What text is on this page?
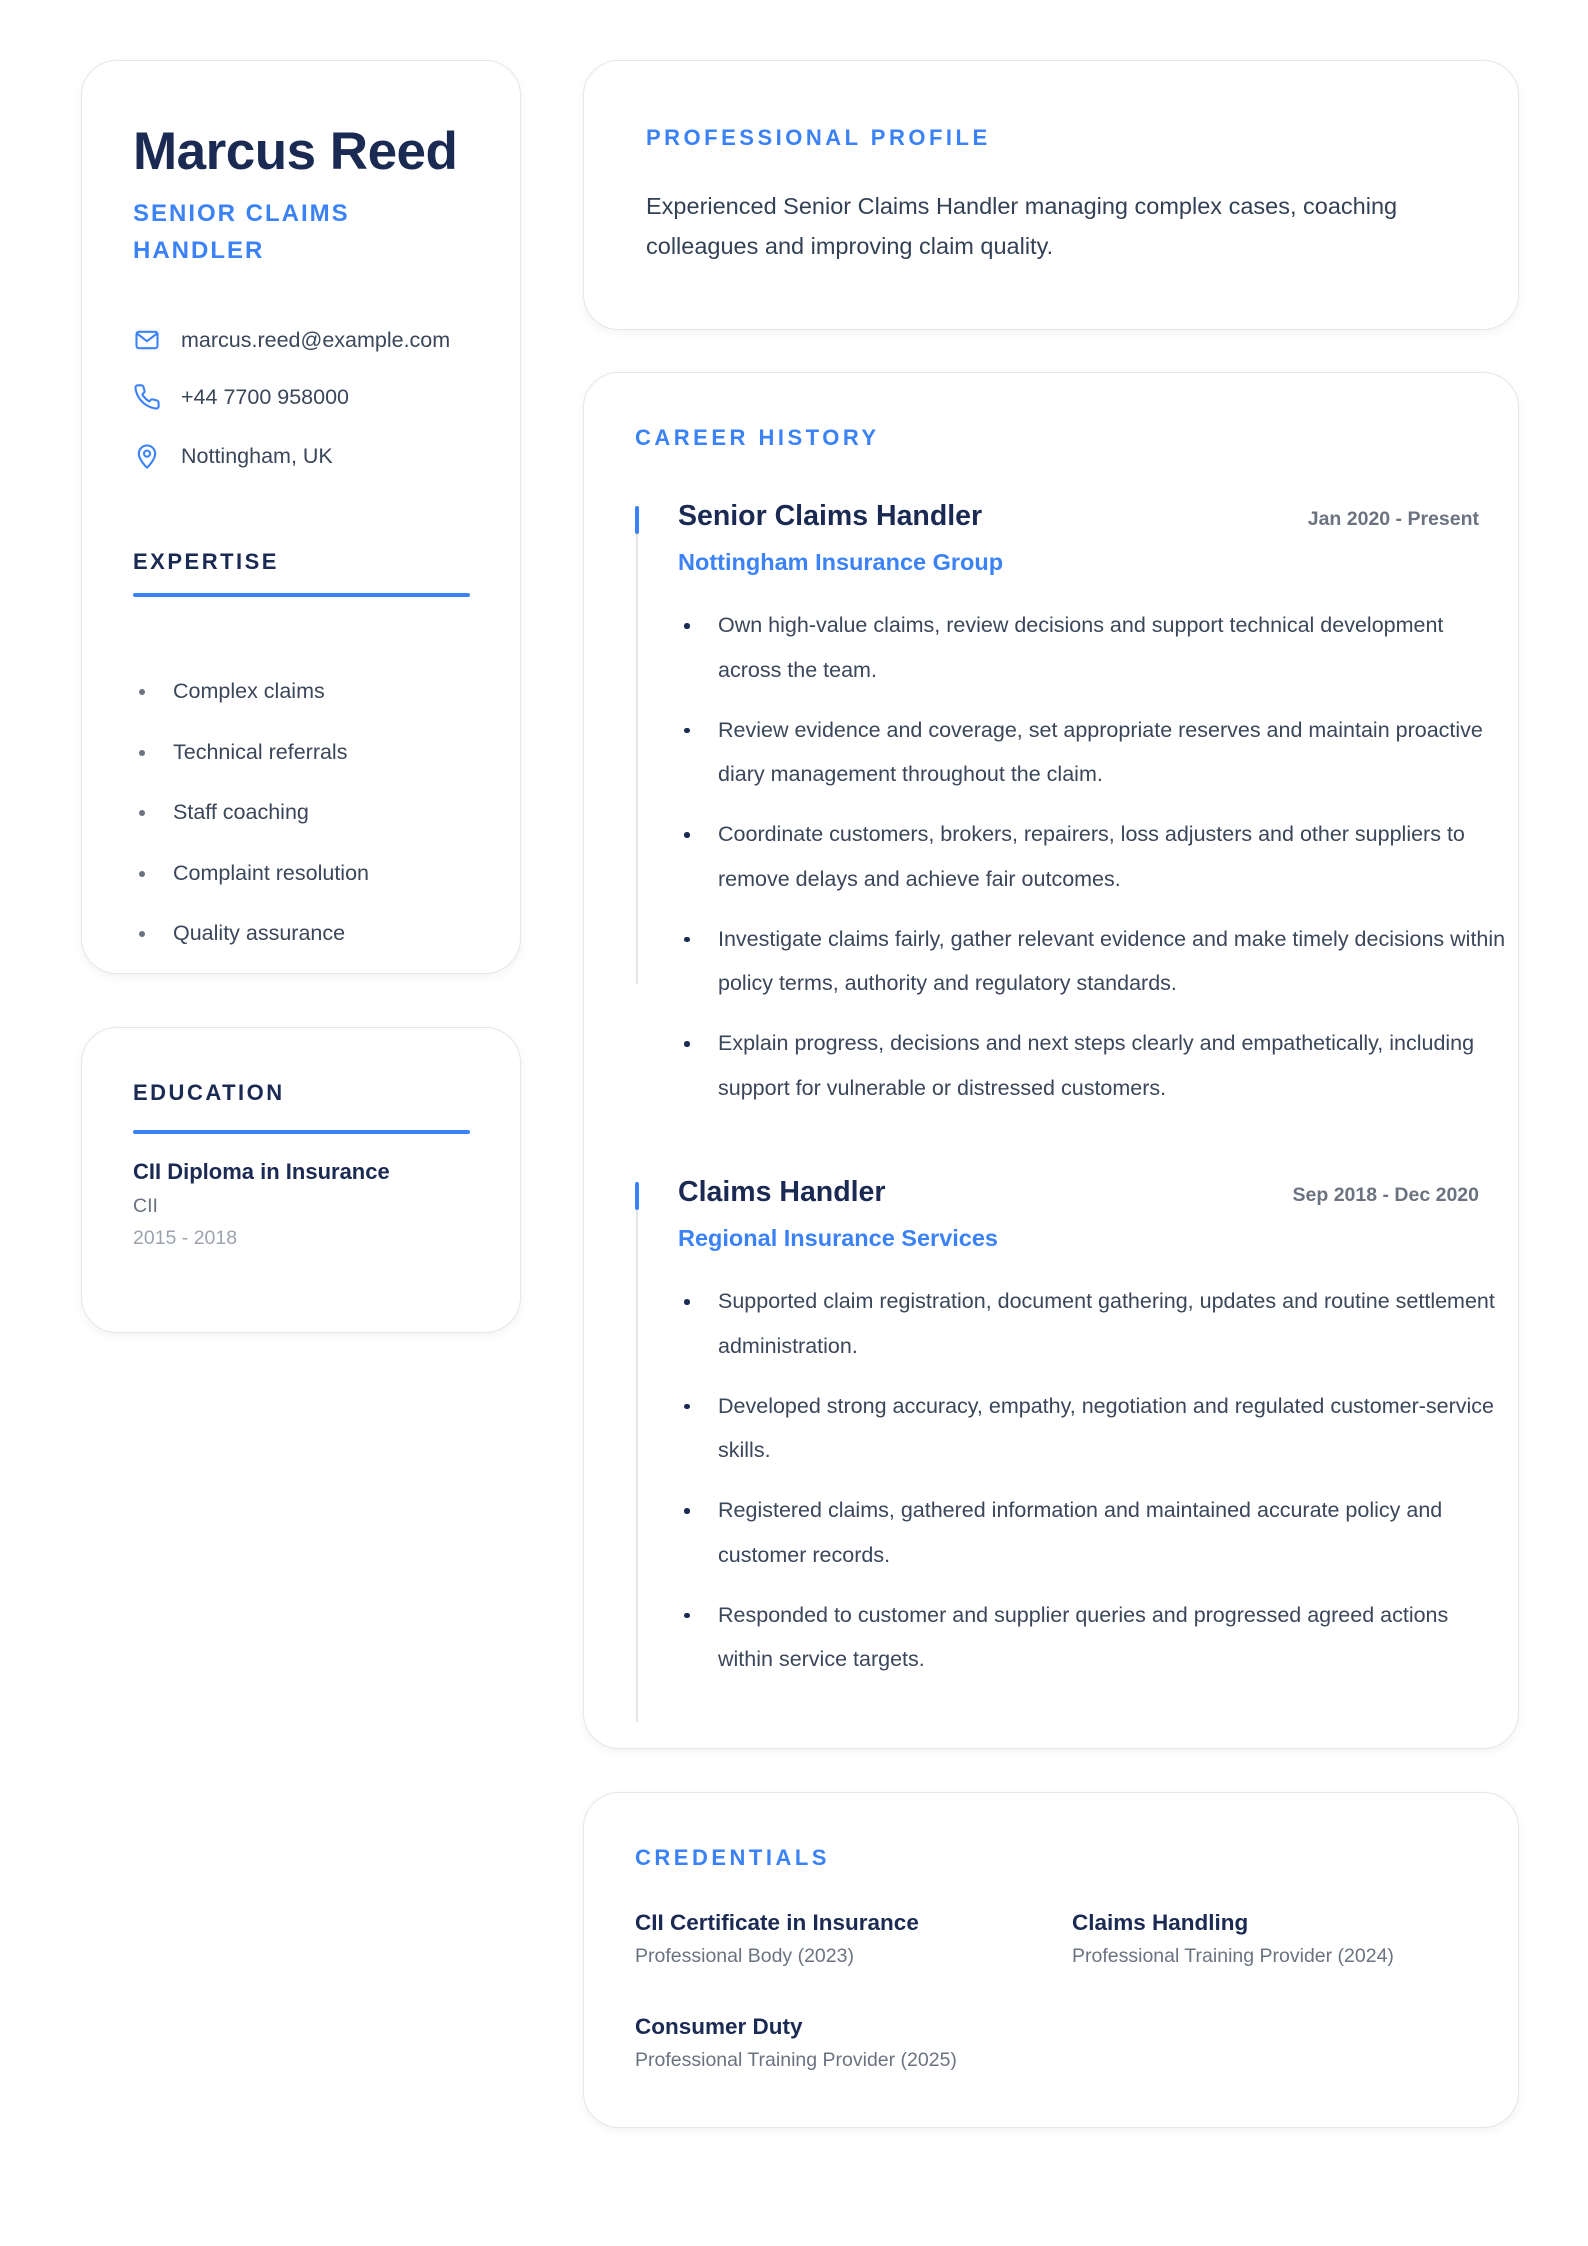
Marcus Reed
SENIOR CLAIMS HANDLER
marcus.reed@example.com
+44 7700 958000
Nottingham, UK
EXPERTISE
Complex claims
Technical referrals
Staff coaching
Complaint resolution
Quality assurance
EDUCATION
CII Diploma in Insurance
CII
2015 - 2018
PROFESSIONAL PROFILE

Experienced Senior Claims Handler managing complex cases, coaching colleagues and improving claim quality.

CAREER HISTORY
Senior Claims Handler	Jan 2020 - Present
Nottingham Insurance Group
Own high-value claims, review decisions and support technical development across the team.
Review evidence and coverage, set appropriate reserves and maintain proactive diary management throughout the claim.
Coordinate customers, brokers, repairers, loss adjusters and other suppliers to remove delays and achieve fair outcomes.
Investigate claims fairly, gather relevant evidence and make timely decisions within policy terms, authority and regulatory standards.
Explain progress, decisions and next steps clearly and empathetically, including support for vulnerable or distressed customers.
Claims Handler	Sep 2018 - Dec 2020
Regional Insurance Services
Supported claim registration, document gathering, updates and routine settlement administration.
Developed strong accuracy, empathy, negotiation and regulated customer-service skills.
Registered claims, gathered information and maintained accurate policy and customer records.
Responded to customer and supplier queries and progressed agreed actions within service targets.
CREDENTIALS
CII Certificate in Insurance
Professional Body (2023)
Claims Handling
Professional Training Provider (2024)
Consumer Duty
Professional Training Provider (2025)
